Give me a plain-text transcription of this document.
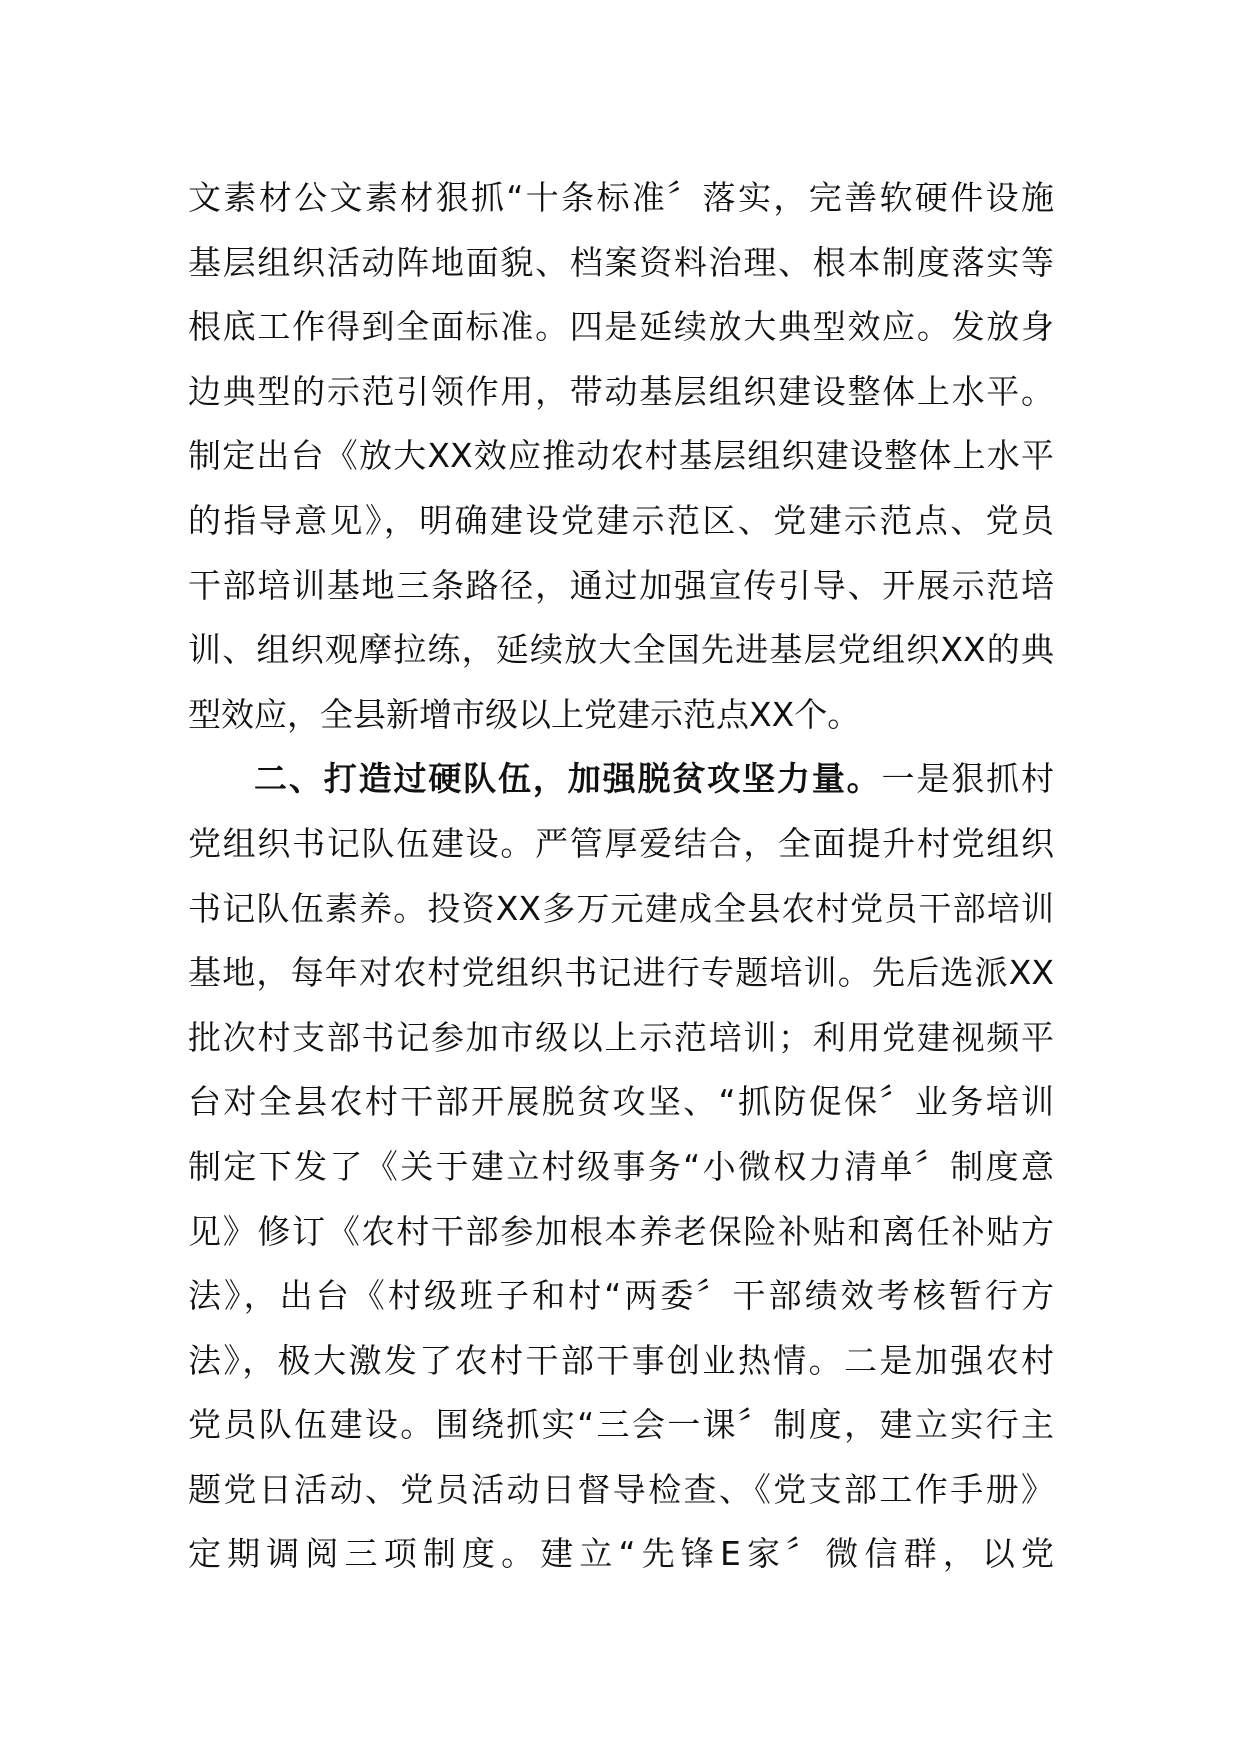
文素材公文素材狠抓“十条标准〞落实，完善软硬件设施
基层组织活动阵地面貌、档案资料治理、根本制度落实等
根底工作得到全面标准。四是延续放大典型效应。发放身
边典型的示范引领作用，带动基层组织建设整体上水平。
制定出台《放大XX效应推动农村基层组织建设整体上水平
的指导意见》，明确建设党建示范区、党建示范点、党员
干部培训基地三条路径，通过加强宣传引导、开展示范培
训、组织观摩拉练，延续放大全国先进基层党组织XX的典
型效应，全县新增市级以上党建示范点XX个。
二、打造过硬队伍，加强脱贫攻坚力量。一是狠抓村
党组织书记队伍建设。严管厚爱结合，全面提升村党组织
书记队伍素养。投资XX多万元建成全县农村党员干部培训
基地，每年对农村党组织书记进行专题培训。先后选派XX
批次村支部书记参加市级以上示范培训；利用党建视频平
台对全县农村干部开展脱贫攻坚、“抓防促保〞业务培训
制定下发了《关于建立村级事务“小微权力清单〞制度意
见》修订《农村干部参加根本养老保险补贴和离任补贴方
法》，出台《村级班子和村“两委〞干部绩效考核暂行方
法》，极大激发了农村干部干事创业热情。二是加强农村
党员队伍建设。围绕抓实“三会一课〞制度，建立实行主
题党日活动、党员活动日督导检查、《党支部工作手册》
定期调阅三项制度。建立“先锋E家〞微信群，以党
